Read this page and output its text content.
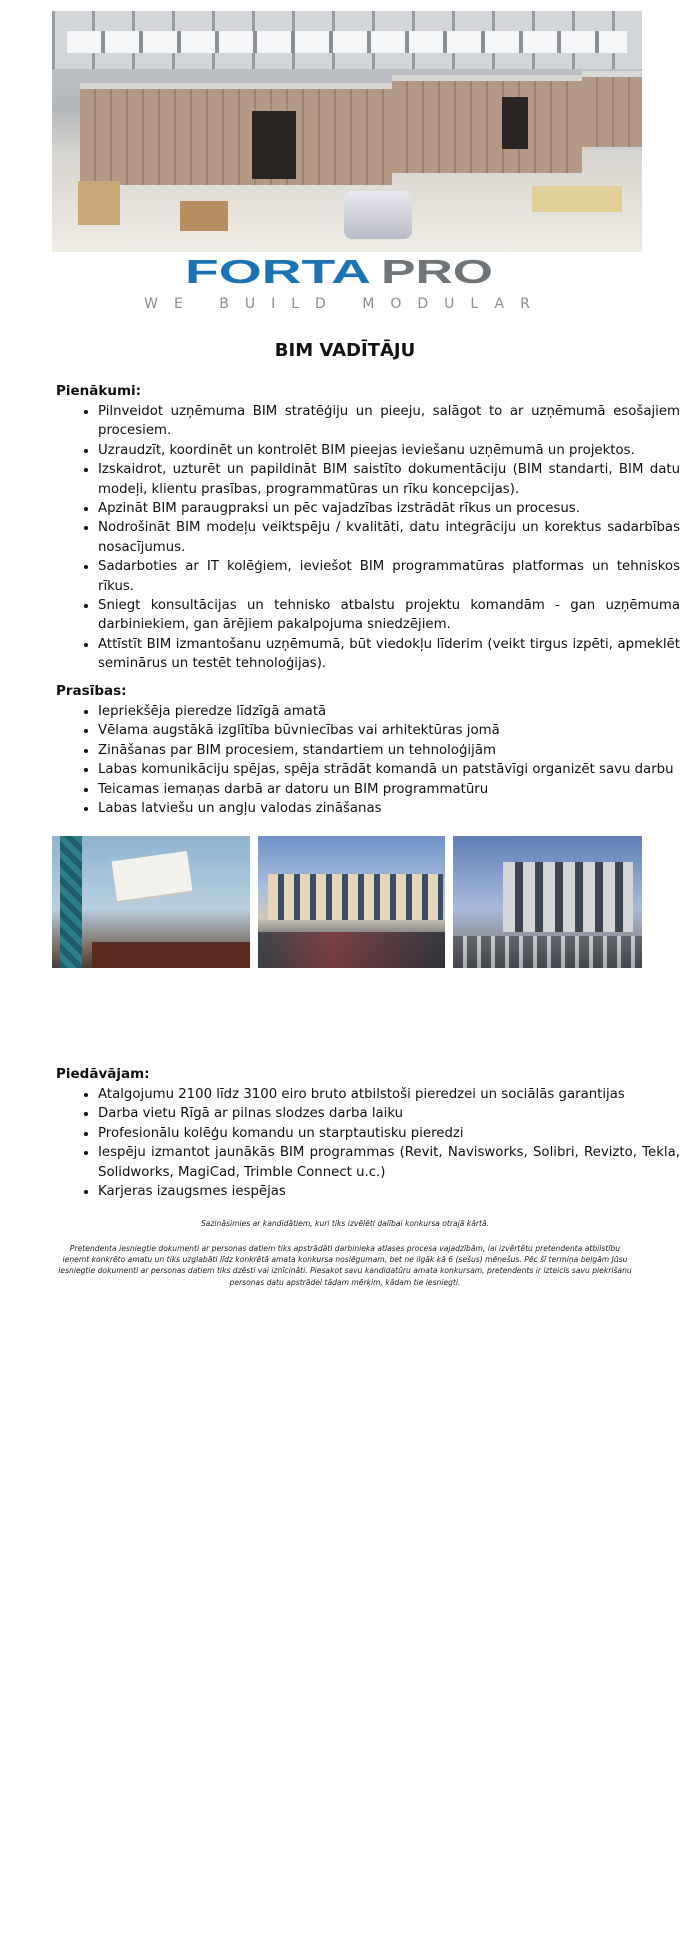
FORTA PRO
WE BUILD MODULAR
BIM VADĪTĀJU

Pienākumi:

• Pilnveidot uzņēmuma BIM stratēģiju un pieeju, salāgot to ar uzņēmumā esošajiem procesiem.
• Uzraudzīt, koordinēt un kontrolēt BIM pieejas ieviešanu uzņēmumā un projektos.
• Izskaidrot, uzturēt un papildināt BIM saistīto dokumentāciju (BIM standarti, BIM datu modeļi, klientu prasības, programmatūras un rīku koncepcijas).
• Apzināt BIM paraugpraksi un pēc vajadzības izstrādāt rīkus un procesus.
• Nodrošināt BIM modeļu veiktspēju / kvalitāti, datu integrāciju un korektus sadarbības nosacījumus.
• Sadarboties ar IT kolēģiem, ieviešot BIM programmatūras platformas un tehniskos rīkus.
• Sniegt konsultācijas un tehnisko atbalstu projektu komandām - gan uzņēmuma darbiniekiem, gan ārējiem pakalpojuma sniedzējiem.
• Attīstīt BIM izmantošanu uzņēmumā, būt viedokļu līderim (veikt tirgus izpēti, apmeklēt seminārus un testēt tehnoloģijas).

Prasības:

• Iepriekšēja pieredze līdzīgā amatā
• Vēlama augstākā izglītība būvniecības vai arhitektūras jomā
• Zināšanas par BIM procesiem, standartiem un tehnoloģijām
• Labas komunikāciju spējas, spēja strādāt komandā un patstāvīgi organizēt savu darbu
• Teicamas iemaņas darbā ar datoru un BIM programmatūru
• Labas latviešu un angļu valodas zināšanas

Piedāvājam:

• Atalgojumu 2100 līdz 3100 eiro bruto atbilstoši pieredzei un sociālās garantijas
• Darba vietu Rīgā ar pilnas slodzes darba laiku
• Profesionālu kolēģu komandu un starptautisku pieredzi
• Iespēju izmantot jaunākās BIM programmas (Revit, Navisworks, Solibri, Revizto, Tekla, Solidworks, MagiCad, Trimble Connect u.c.)
• Karjeras izaugsmes iespējas

Sazināsimies ar kandidātiem, kuri tiks izvēlēti dalībai konkursa otrajā kārtā.

Pretendenta iesniegtie dokumenti ar personas datiem tiks apstrādāti darbinieka atlases procesa vajadzībām, lai izvērtētu pretendenta atbilstību ieņemt konkrēto amatu un tiks uzglabāti līdz konkrētā amata konkursa noslēgumam, bet ne ilgāk kā 6 (sešus) mēnešus. Pēc šī termiņa beigām Jūsu iesniegtie dokumenti ar personas datiem tiks dzēsti vai iznīcināti. Piesakot savu kandidatūru amata konkursam, pretendents ir izteicis savu piekrišanu personas datu apstrādei tādam mērķim, kādam tie iesniegti.
